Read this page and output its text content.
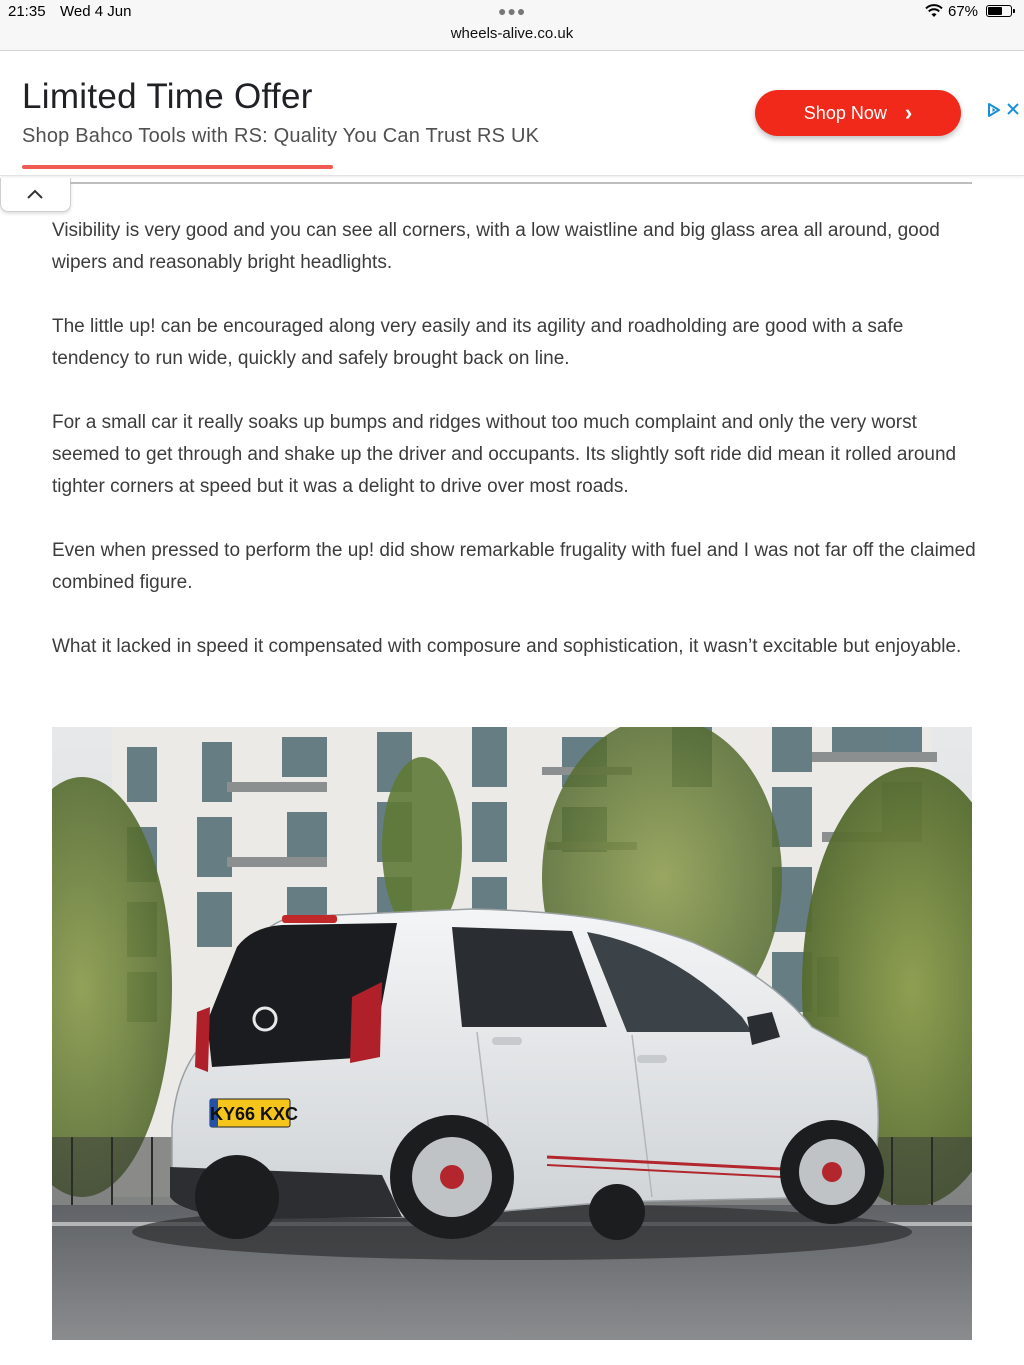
21:35 Wed 4 Jun	●●●
wheels-alive.co.uk
67%
Limited Time Offer
Shop Bahco Tools with RS: Quality You Can Trust RS UK
Shop Now ›

Visibility is very good and you can see all corners, with a low waistline and big glass area all around, good wipers and reasonably bright headlights.

The little up! can be encouraged along very easily and its agility and roadholding are good with a safe tendency to run wide, quickly and safely brought back on line.

For a small car it really soaks up bumps and ridges without too much complaint and only the very worst seemed to get through and shake up the driver and occupants. Its slightly soft ride did mean it rolled around tighter corners at speed but it was a delight to drive over most roads.

Even when pressed to perform the up! did show remarkable frugality with fuel and I was not far off the claimed combined figure.

What it lacked in speed it compensated with composure and sophistication, it wasn’t excitable but enjoyable.

KY66 KXC
